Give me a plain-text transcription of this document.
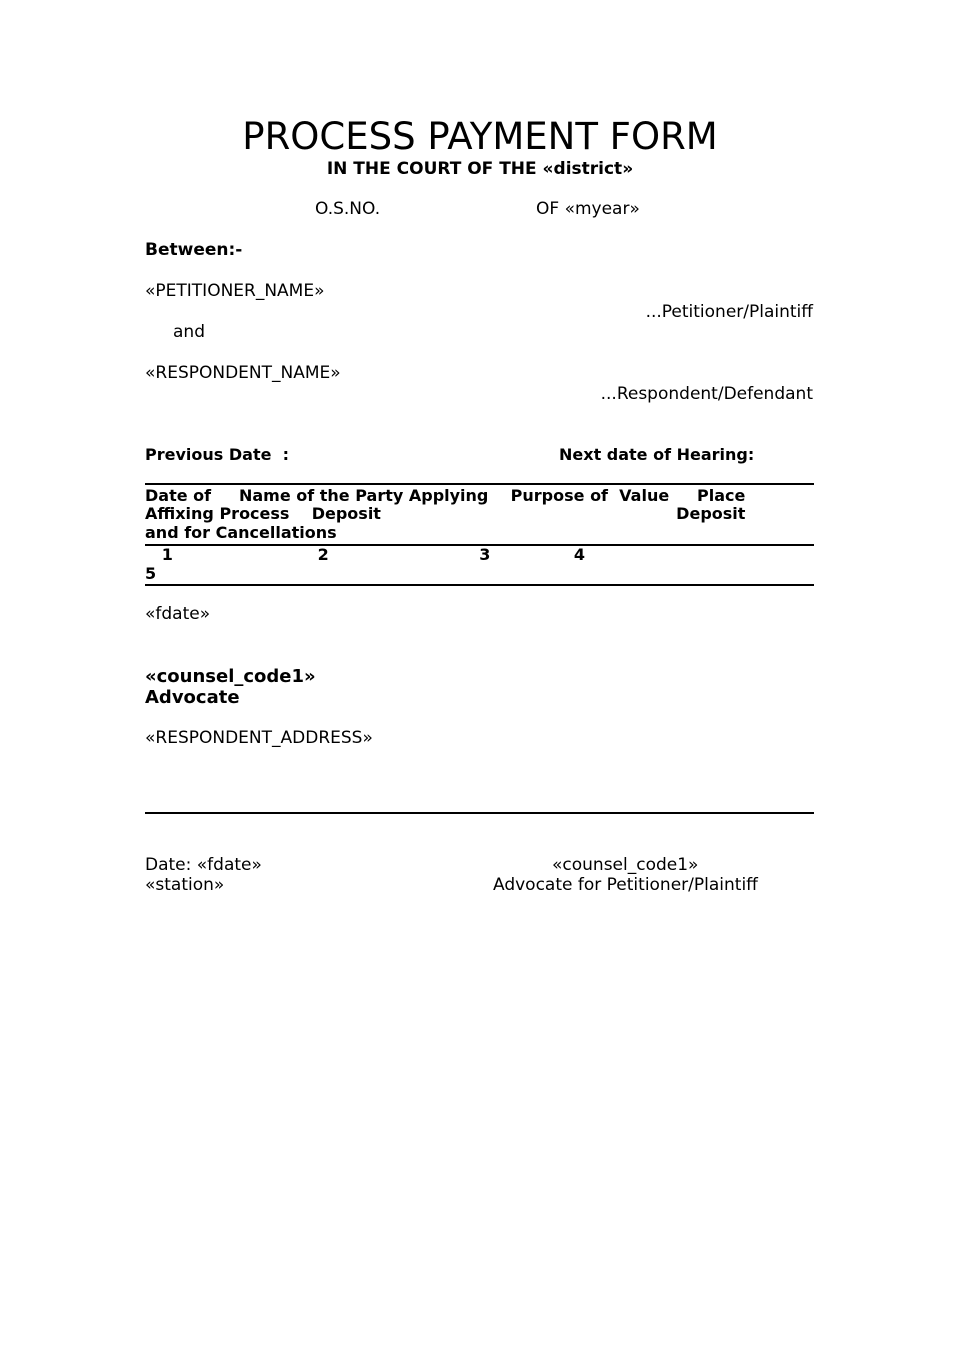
PROCESS PAYMENT FORM
IN THE COURT OF THE «district»
O.S.NO.	OF «myear»
Between:-
«PETITIONER_NAME»
...Petitioner/Plaintiff
and
«RESPONDENT_NAME»
...Respondent/Defendant
Previous Date  :	Next date of Hearing:
Date of     Name of the Party Applying    Purpose of  Value     Place
Affixing Process    Deposit                                                     Deposit
and for Cancellations
1                          2                           3               4
5
«fdate»
«counsel_code1»
Advocate
«RESPONDENT_ADDRESS»
Date: «fdate»
«station»
«counsel_code1»
Advocate for Petitioner/Plaintiff
